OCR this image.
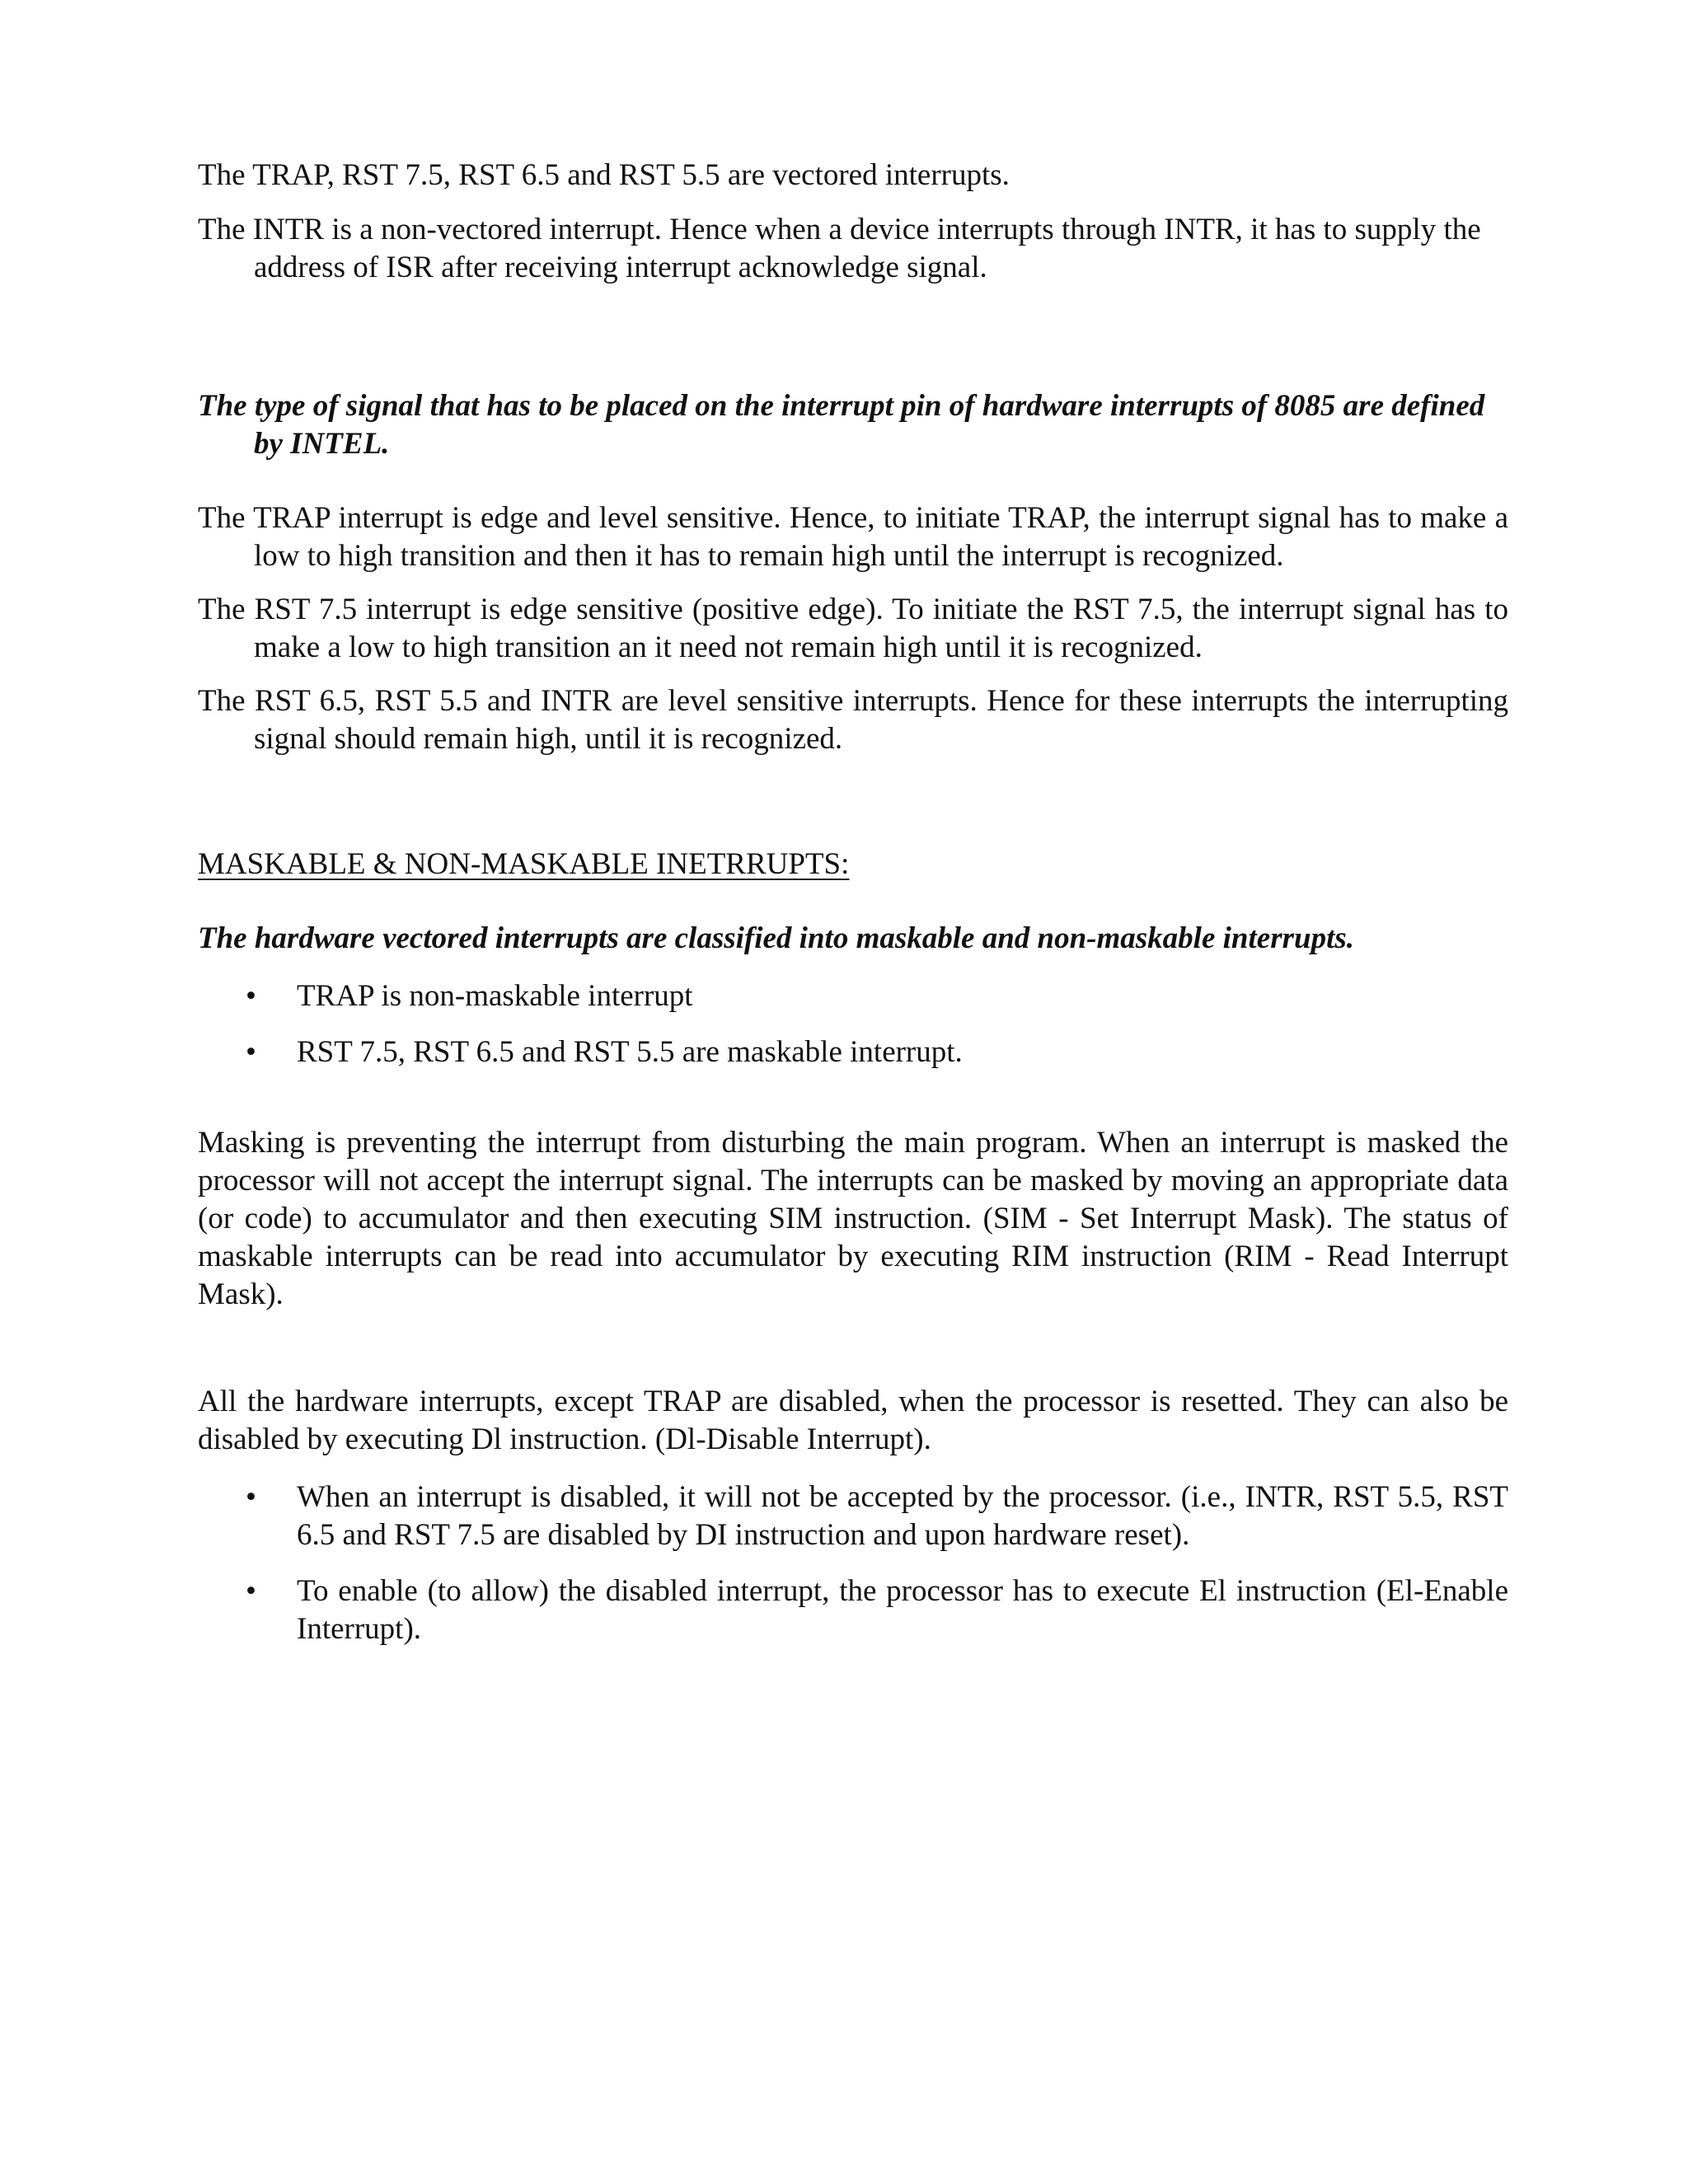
The TRAP, RST 7.5, RST 6.5 and RST 5.5 are vectored interrupts.

The INTR is a non-vectored interrupt. Hence when a device interrupts through INTR, it has to supply the address of ISR after receiving interrupt acknowledge signal.

The type of signal that has to be placed on the interrupt pin of hardware interrupts of 8085 are defined by INTEL.

The TRAP interrupt is edge and level sensitive. Hence, to initiate TRAP, the interrupt signal has to make a low to high transition and then it has to remain high until the interrupt is recognized.

The RST 7.5 interrupt is edge sensitive (positive edge). To initiate the RST 7.5, the interrupt signal has to make a low to high transition an it need not remain high until it is recognized.

The RST 6.5, RST 5.5 and INTR are level sensitive interrupts. Hence for these interrupts the interrupting signal should remain high, until it is recognized.

MASKABLE & NON-MASKABLE INETRRUPTS:

The hardware vectored interrupts are classified into maskable and non-maskable interrupts.

• TRAP is non-maskable interrupt
• RST 7.5, RST 6.5 and RST 5.5 are maskable interrupt.

Masking is preventing the interrupt from disturbing the main program. When an interrupt is masked the processor will not accept the interrupt signal. The interrupts can be masked by moving an appropriate data (or code) to accumulator and then executing SIM instruction. (SIM - Set Interrupt Mask). The status of maskable interrupts can be read into accumulator by executing RIM instruction (RIM - Read Interrupt Mask).

All the hardware interrupts, except TRAP are disabled, when the processor is resetted. They can also be disabled by executing Dl instruction. (Dl-Disable Interrupt).

• When an interrupt is disabled, it will not be accepted by the processor. (i.e., INTR, RST 5.5, RST 6.5 and RST 7.5 are disabled by DI instruction and upon hardware reset).
• To enable (to allow) the disabled interrupt, the processor has to execute El instruction (El-Enable Interrupt).
